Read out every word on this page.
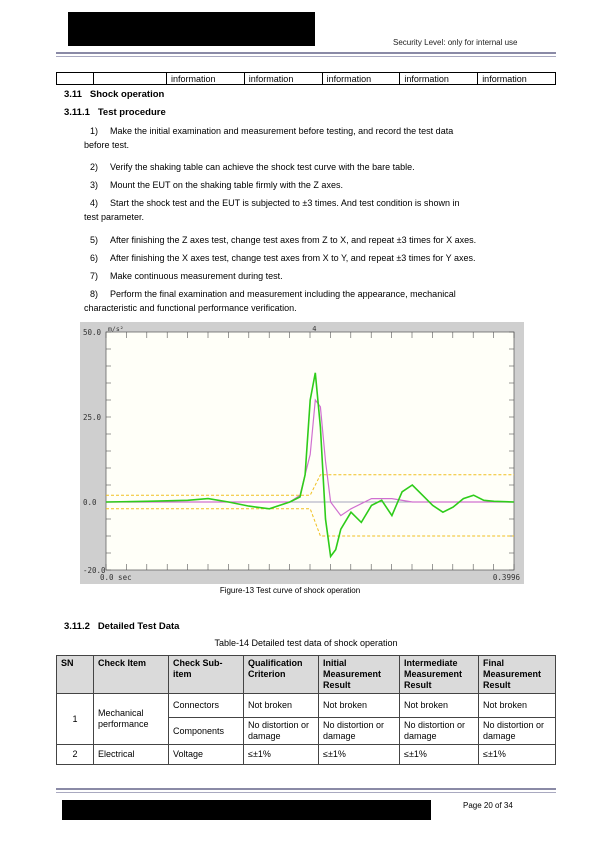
Security Level: only for internal use
		information	information	information	information	information
3.11 Shock operation
3.11.1 Test procedure
1) Make the initial examination and measurement before testing, and record the test data
before test.
2) Verify the shaking table can achieve the shock test curve with the bare table.
3) Mount the EUT on the shaking table firmly with the Z axes.
4) Start the shock test and the EUT is subjected to ±3 times. And test condition is shown in
test parameter.
5) After finishing the Z axes test, change test axes from Z to X, and repeat ±3 times for X axes.
6) After finishing the X axes test, change test axes from X to Y, and repeat ±3 times for Y axes.
7) Make continuous measurement during test.
8) Perform the final examination and measurement including the appearance, mechanical
characteristic and functional performance verification.
50.0
25.0
0.0
-20.0
m/s²	4
0.0 sec	0.3996
Figure-13 Test curve of shock operation
3.11.2 Detailed Test Data
Table-14 Detailed test data of shock operation
SN	Check Item	Check Sub-item	Qualification Criterion	Initial Measurement Result	Intermediate Measurement Result	Final Measurement Result
1	Mechanical performance	Connectors	Not broken	Not broken	Not broken	Not broken
		Components	No distortion or damage	No distortion or damage	No distortion or damage	No distortion or damage
2	Electrical	Voltage	≤±1%	≤±1%	≤±1%	≤±1%
Page 20 of 34
